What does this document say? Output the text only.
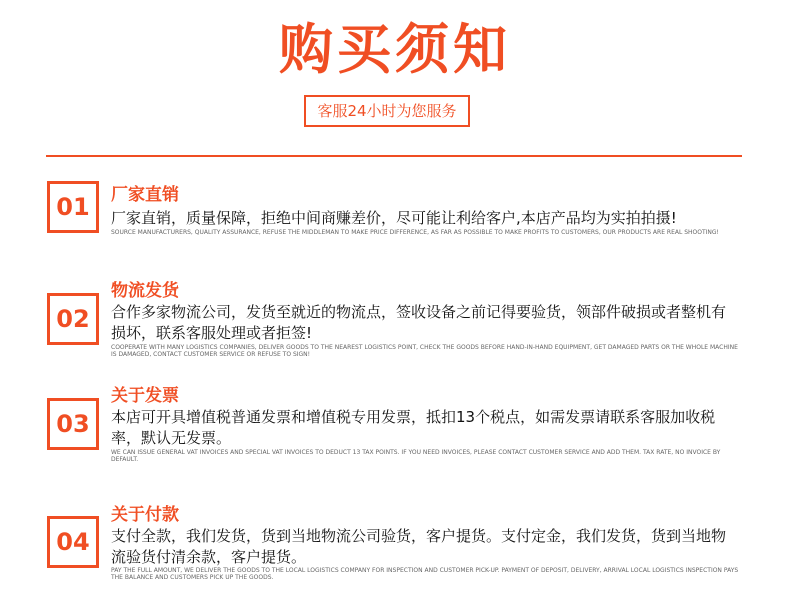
购买须知
客服24小时为您服务
01	厂家直销
厂家直销，质量保障，拒绝中间商赚差价，尽可能让利给客户,本店产品均为实拍拍摄!
SOURCE MANUFACTURERS, QUALITY ASSURANCE, REFUSE THE MIDDLEMAN TO MAKE PRICE DIFFERENCE, AS FAR AS POSSIBLE TO MAKE PROFITS TO CUSTOMERS, OUR PRODUCTS ARE REAL SHOOTING!
02
物流发货
合作多家物流公司，发货至就近的物流点，签收设备之前记得要验货，领部件破损或者整机有损坏，联系客服处理或者拒签!
COOPERATE WITH MANY LOGISTICS COMPANIES, DELIVER GOODS TO THE NEAREST LOGISTICS POINT, CHECK THE GOODS BEFORE HAND-IN-HAND EQUIPMENT, GET DAMAGED PARTS OR THE WHOLE MACHINE IS DAMAGED, CONTACT CUSTOMER SERVICE OR REFUSE TO SIGN!
03
关于发票
本店可开具增值税普通发票和增值税专用发票，抵扣13个税点，如需发票请联系客服加收税率，默认无发票。
WE CAN ISSUE GENERAL VAT INVOICES AND SPECIAL VAT INVOICES TO DEDUCT 13 TAX POINTS. IF YOU NEED INVOICES, PLEASE CONTACT CUSTOMER SERVICE AND ADD THEM. TAX RATE, NO INVOICE BY DEFAULT.
04
关于付款
支付全款，我们发货，货到当地物流公司验货，客户提货。支付定金，我们发货，货到当地物流验货付清余款，客户提货。
PAY THE FULL AMOUNT, WE DELIVER THE GOODS TO THE LOCAL LOGISTICS COMPANY FOR INSPECTION AND CUSTOMER PICK-UP. PAYMENT OF DEPOSIT, DELIVERY, ARRIVAL LOCAL LOGISTICS INSPECTION PAYS THE BALANCE AND CUSTOMERS PICK UP THE GOODS.
